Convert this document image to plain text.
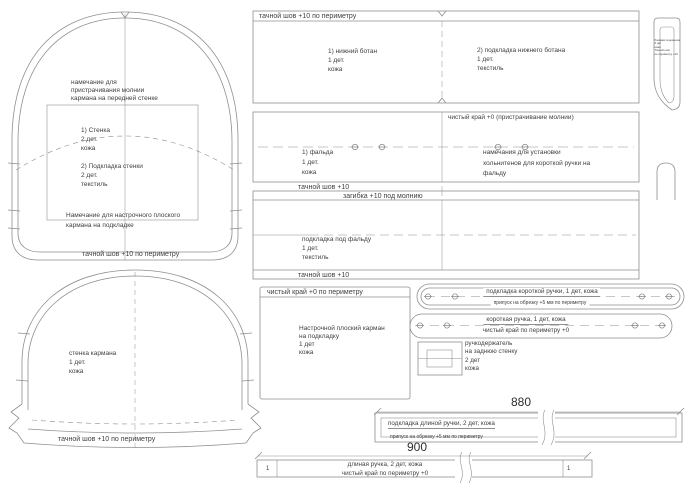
намечание для
пристрачивания молнии
кармана на передней стенке
1) Стенка
2 дет.
кожа
2) Подкладка стенки
2 дет.
текстиль
Намечание для настрочного плоского
кармана на подкладке
тачной шов +10 по периметру
стенка кармана
1 дет.
кожа
тачной шов +10 по периметру
тачной шов +10 по периметру
1) нижний ботан
1 дет.
кожа
2) подкладка нижнего ботана
1 дет.
текстиль
чистый край +0 (пристрачивание молнии)
1) фальда
1 дет.
кожа
намечания для установки
хольнитенов для короткой ручки на
фальду
тачной шов +10
загибка +10 под молнию
подкладка под фальду
1 дет.
текстиль
тачной шов +10
чистый край +0 по периметру
Настрочной плоский карман
на подкладку
1 дет
кожа
подкладка короткой ручки, 1 дет, кожа
припуск на обрезку +5 мм по периметру
короткая ручка, 1 дет, кожа
чистый край по периметру +0
ручкодержатель
на заднюю стенку
2 дет
кожа
880
подкладка длиной ручки, 2 дет, кожа
припуск на обрезку +5 мм по периметру
900
длиная ручка, 2 дет, кожа
чистый край по периметру +0
1	1
боковая перемычка
2 дет
кожа
Тачной шов
по периметру +10
